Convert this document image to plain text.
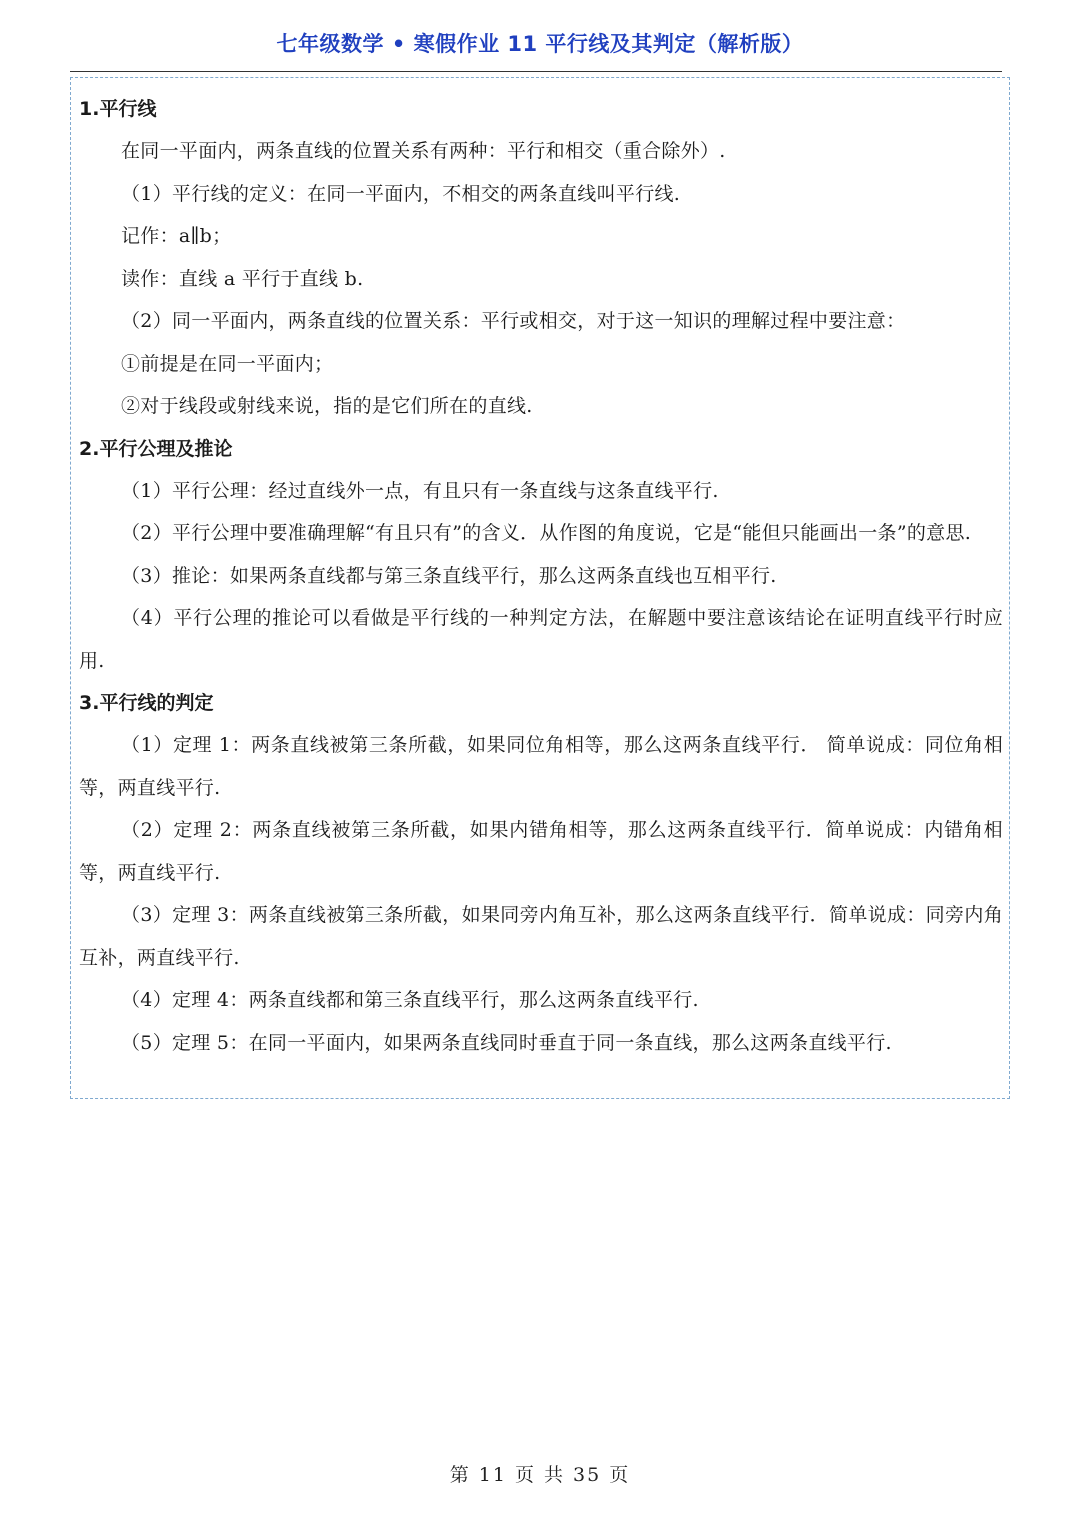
七年级数学 • 寒假作业 11 平行线及其判定（解析版）
1.平行线

在同一平面内，两条直线的位置关系有两种：平行和相交（重合除外）.

（1）平行线的定义：在同一平面内，不相交的两条直线叫平行线.

记作：a∥b；

读作：直线 a 平行于直线 b.

（2）同一平面内，两条直线的位置关系：平行或相交，对于这一知识的理解过程中要注意：

①前提是在同一平面内；

②对于线段或射线来说，指的是它们所在的直线.

2.平行公理及推论

（1）平行公理：经过直线外一点，有且只有一条直线与这条直线平行.

（2）平行公理中要准确理解“有且只有”的含义．从作图的角度说，它是“能但只能画出一条”的意思.

（3）推论：如果两条直线都与第三条直线平行，那么这两条直线也互相平行.

（4）平行公理的推论可以看做是平行线的一种判定方法，在解题中要注意该结论在证明直线平行时应用.

3.平行线的判定

（1）定理 1：两条直线被第三条所截，如果同位角相等，那么这两条直线平行． 简单说成：同位角相等，两直线平行.

（2）定理 2：两条直线被第三条所截，如果内错角相等，那么这两条直线平行．简单说成：内错角相等，两直线平行.

（3）定理 3：两条直线被第三条所截，如果同旁内角互补，那么这两条直线平行．简单说成：同旁内角互补，两直线平行.

（4）定理 4：两条直线都和第三条直线平行，那么这两条直线平行.

（5）定理 5：在同一平面内，如果两条直线同时垂直于同一条直线，那么这两条直线平行.

第 11 页 共 35 页
